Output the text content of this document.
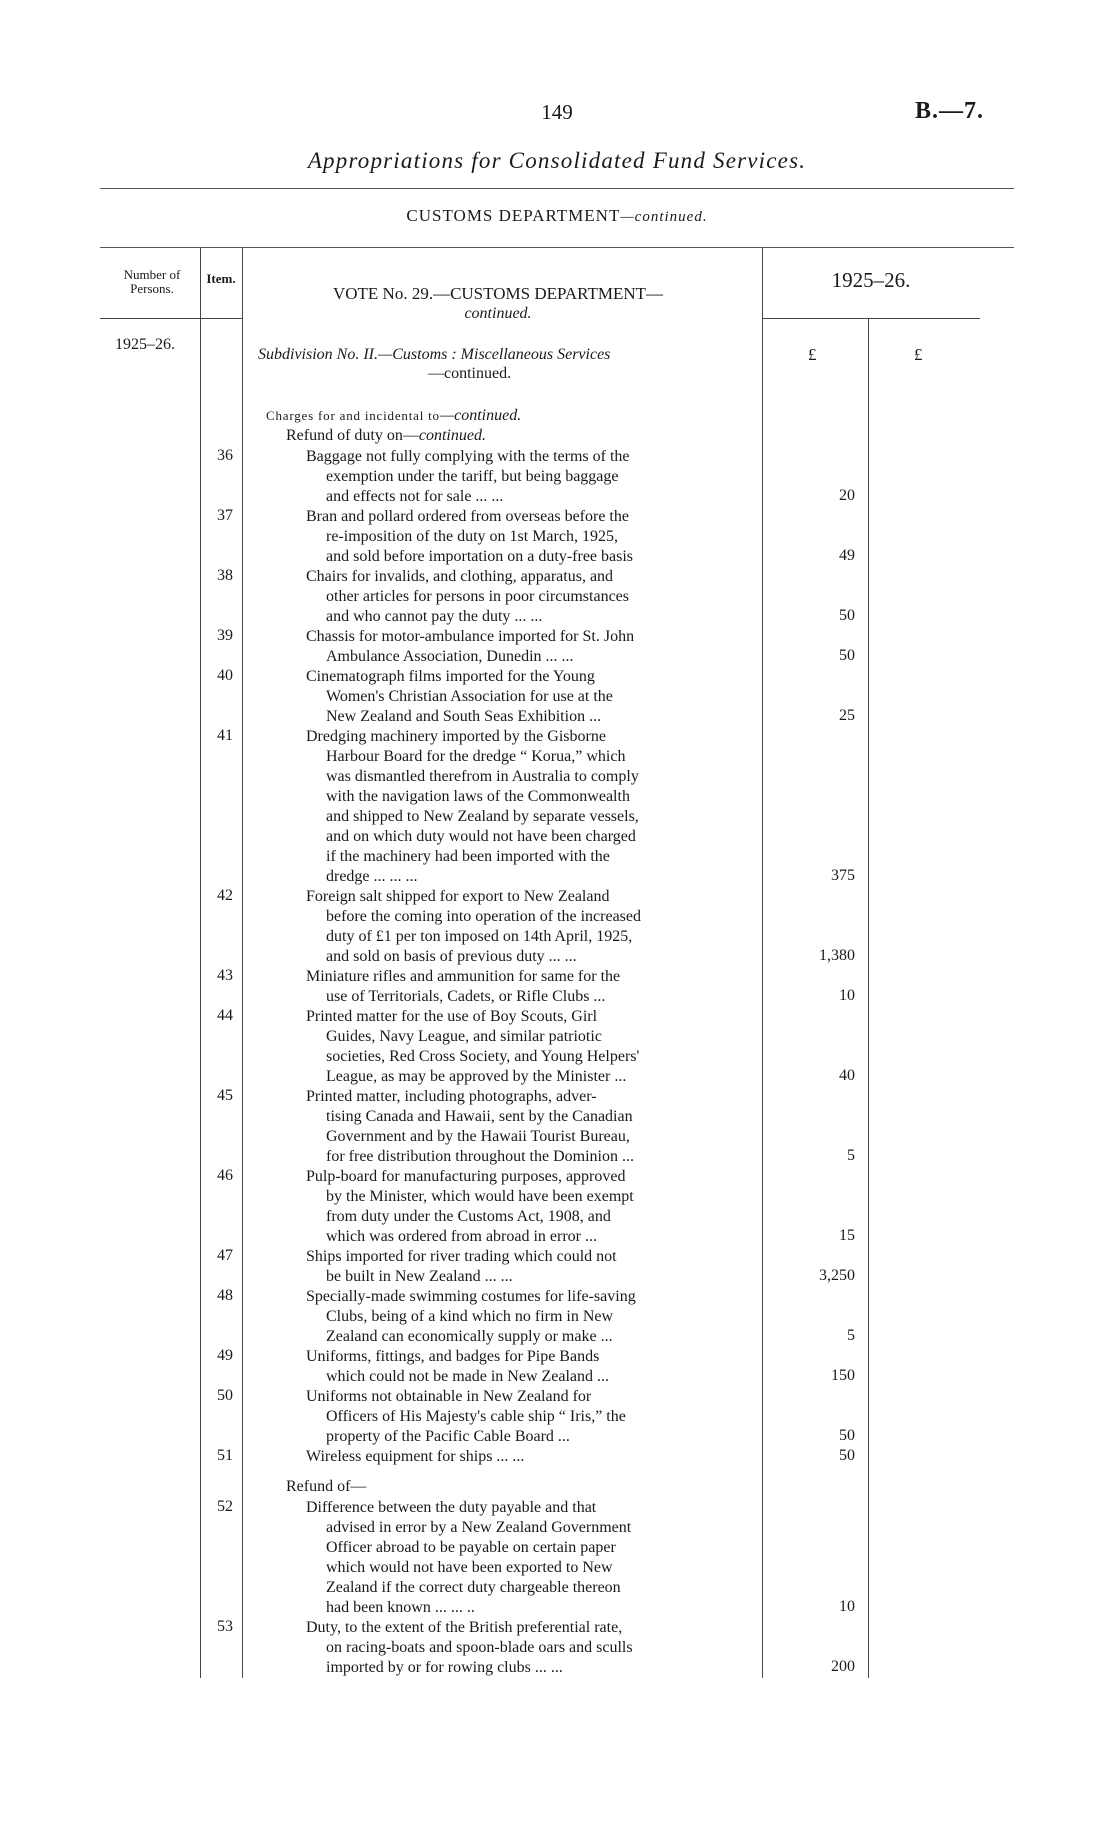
149	B.—7.
Appropriations for Consolidated Fund Services.
CUSTOMS DEPARTMENT—continued.
Number of Persons.
Item.
VOTE No. 29.—CUSTOMS DEPARTMENT—
continued.
1925–26.
1925–26.
£	£
Subdivision No. II.—Customs : Miscellaneous Services
—continued.
Charges for and incidental to—continued.
Refund of duty on—continued.
Refund of—
36	Baggage not fully complying with the terms of the
exemption under the tariff, but being baggage
and effects not for sale ... ...	20
37	Bran and pollard ordered from overseas before the
re-imposition of the duty on 1st March, 1925,
and sold before importation on a duty-free basis	49
38	Chairs for invalids, and clothing, apparatus, and
other articles for persons in poor circumstances
and who cannot pay the duty ... ...	50
39	Chassis for motor-ambulance imported for St. John
Ambulance Association, Dunedin ... ...	50
40	Cinematograph films imported for the Young
Women's Christian Association for use at the
New Zealand and South Seas Exhibition ...	25
41	Dredging machinery imported by the Gisborne
Harbour Board for the dredge “ Korua,” which
was dismantled therefrom in Australia to comply
with the navigation laws of the Commonwealth
and shipped to New Zealand by separate vessels,
and on which duty would not have been charged
if the machinery had been imported with the
dredge ... ... ...	375
42	Foreign salt shipped for export to New Zealand
before the coming into operation of the increased
duty of £1 per ton imposed on 14th April, 1925,
and sold on basis of previous duty ... ...	1,380
43	Miniature rifles and ammunition for same for the
use of Territorials, Cadets, or Rifle Clubs ...	10
44	Printed matter for the use of Boy Scouts, Girl
Guides, Navy League, and similar patriotic
societies, Red Cross Society, and Young Helpers'
League, as may be approved by the Minister ...	40
45	Printed matter, including photographs, adver-
tising Canada and Hawaii, sent by the Canadian
Government and by the Hawaii Tourist Bureau,
for free distribution throughout the Dominion ...	5
46	Pulp-board for manufacturing purposes, approved
by the Minister, which would have been exempt
from duty under the Customs Act, 1908, and
which was ordered from abroad in error ...	15
47	Ships imported for river trading which could not
be built in New Zealand ... ...	3,250
48	Specially-made swimming costumes for life-saving
Clubs, being of a kind which no firm in New
Zealand can economically supply or make ...	5
49	Uniforms, fittings, and badges for Pipe Bands
which could not be made in New Zealand ...	150
50	Uniforms not obtainable in New Zealand for
Officers of His Majesty's cable ship “ Iris,” the
property of the Pacific Cable Board ...	50
51	Wireless equipment for ships ... ...	50
52	Difference between the duty payable and that
advised in error by a New Zealand Government
Officer abroad to be payable on certain paper
which would not have been exported to New
Zealand if the correct duty chargeable thereon
had been known ... ... ..	10
53	Duty, to the extent of the British preferential rate,
on racing-boats and spoon-blade oars and sculls
imported by or for rowing clubs ... ...	200
